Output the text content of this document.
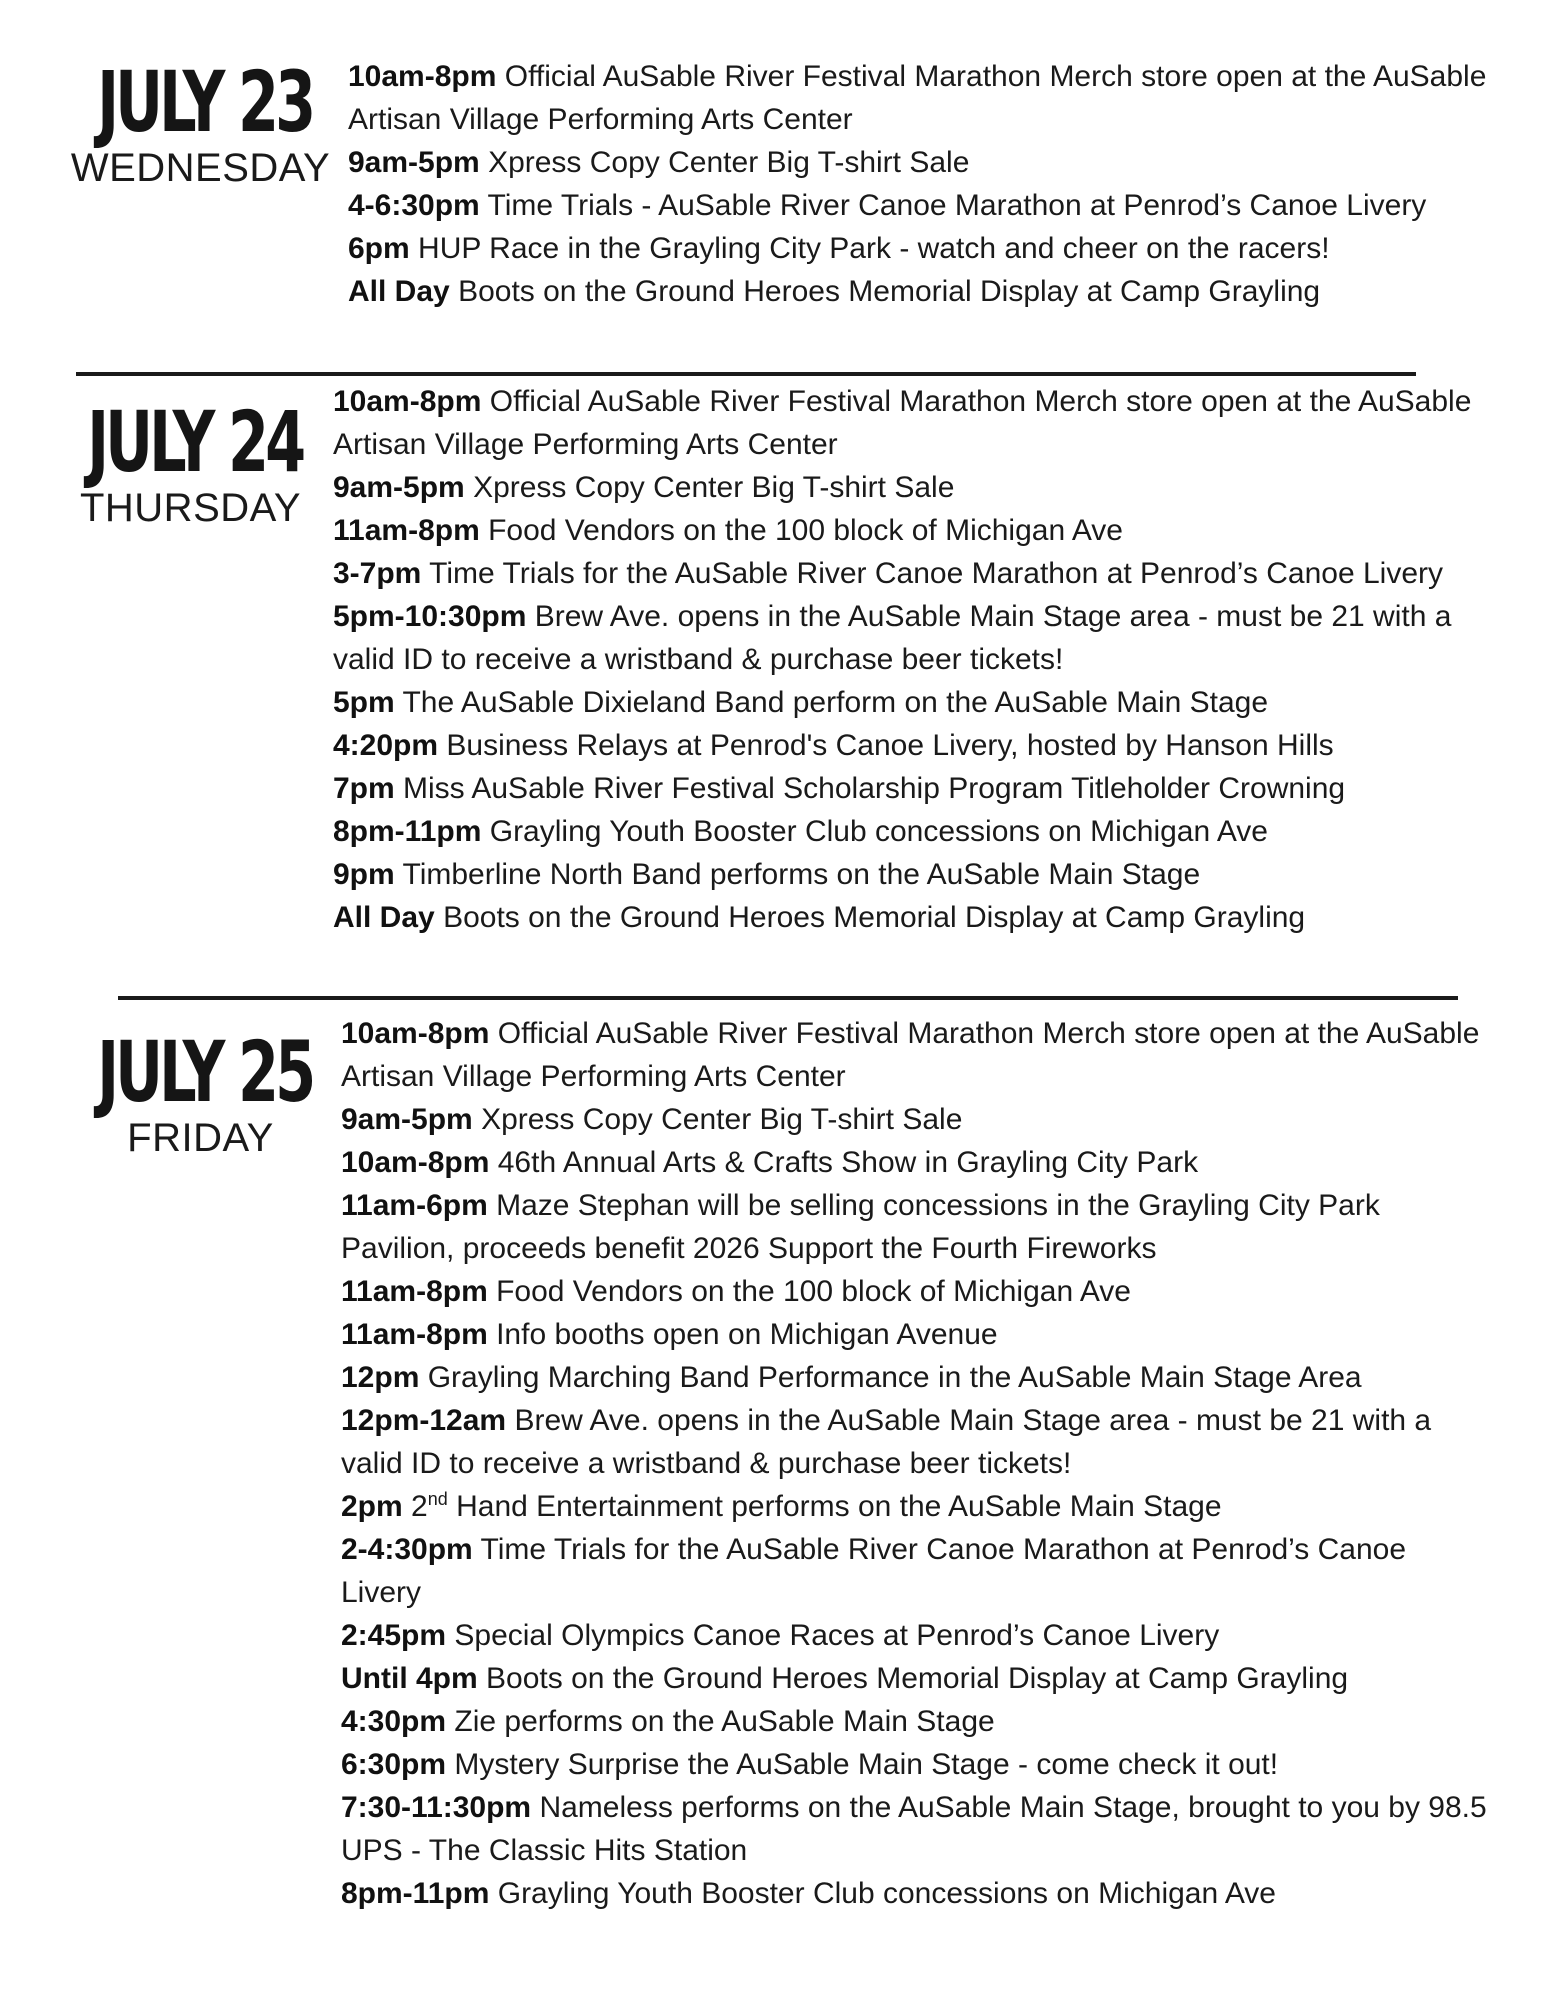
JULY 23
WEDNESDAY
10am-8pm Official AuSable River Festival Marathon Merch store open at the AuSable Artisan Village Performing Arts Center
9am-5pm Xpress Copy Center Big T-shirt Sale
4-6:30pm Time Trials - AuSable River Canoe Marathon at Penrod’s Canoe Livery
6pm HUP Race in the Grayling City Park - watch and cheer on the racers!
All Day Boots on the Ground Heroes Memorial Display at Camp Grayling
JULY 24
THURSDAY
10am-8pm Official AuSable River Festival Marathon Merch store open at the AuSable Artisan Village Performing Arts Center
9am-5pm Xpress Copy Center Big T-shirt Sale
11am-8pm Food Vendors on the 100 block of Michigan Ave
3-7pm Time Trials for the AuSable River Canoe Marathon at Penrod’s Canoe Livery
5pm-10:30pm Brew Ave. opens in the AuSable Main Stage area - must be 21 with a valid ID to receive a wristband & purchase beer tickets!
5pm The AuSable Dixieland Band perform on the AuSable Main Stage
4:20pm Business Relays at Penrod's Canoe Livery, hosted by Hanson Hills
7pm Miss AuSable River Festival Scholarship Program Titleholder Crowning
8pm-11pm Grayling Youth Booster Club concessions on Michigan Ave
9pm Timberline North Band performs on the AuSable Main Stage
All Day Boots on the Ground Heroes Memorial Display at Camp Grayling
JULY 25
FRIDAY
10am-8pm Official AuSable River Festival Marathon Merch store open at the AuSable Artisan Village Performing Arts Center
9am-5pm Xpress Copy Center Big T-shirt Sale
10am-8pm 46th Annual Arts & Crafts Show in Grayling City Park
11am-6pm Maze Stephan will be selling concessions in the Grayling City Park Pavilion, proceeds benefit 2026 Support the Fourth Fireworks
11am-8pm Food Vendors on the 100 block of Michigan Ave
11am-8pm Info booths open on Michigan Avenue
12pm Grayling Marching Band Performance in the AuSable Main Stage Area
12pm-12am Brew Ave. opens in the AuSable Main Stage area - must be 21 with a valid ID to receive a wristband & purchase beer tickets!
2pm 2nd Hand Entertainment performs on the AuSable Main Stage
2-4:30pm Time Trials for the AuSable River Canoe Marathon at Penrod’s Canoe Livery
2:45pm Special Olympics Canoe Races at Penrod’s Canoe Livery
Until 4pm Boots on the Ground Heroes Memorial Display at Camp Grayling
4:30pm Zie performs on the AuSable Main Stage
6:30pm Mystery Surprise the AuSable Main Stage - come check it out!
7:30-11:30pm Nameless performs on the AuSable Main Stage, brought to you by 98.5 UPS - The Classic Hits Station
8pm-11pm Grayling Youth Booster Club concessions on Michigan Ave
